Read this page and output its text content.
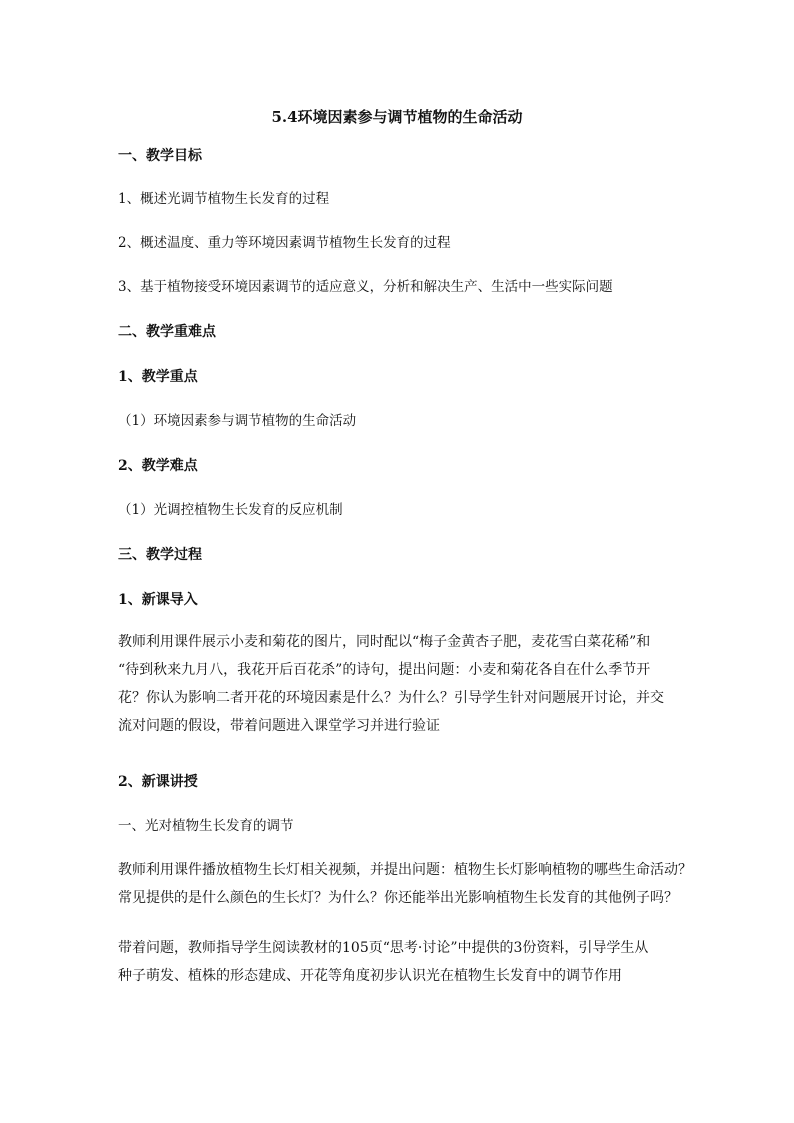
5.4环境因素参与调节植物的生命活动
一、教学目标
1、概述光调节植物生长发育的过程
2、概述温度、重力等环境因素调节植物生长发育的过程
3、基于植物接受环境因素调节的适应意义，分析和解决生产、生活中一些实际问题
二、教学重难点
1、教学重点
（1）环境因素参与调节植物的生命活动
2、教学难点
（1）光调控植物生长发育的反应机制
三、教学过程
1、新课导入
教师利用课件展示小麦和菊花的图片，同时配以“梅子金黄杏子肥，麦花雪白菜花稀”和
“待到秋来九月八，我花开后百花杀”的诗句，提出问题：小麦和菊花各自在什么季节开
花？你认为影响二者开花的环境因素是什么？为什么？引导学生针对问题展开讨论，并交
流对问题的假设，带着问题进入课堂学习并进行验证
2、新课讲授
一、光对植物生长发育的调节
教师利用课件播放植物生长灯相关视频，并提出问题：植物生长灯影响植物的哪些生命活动？
常见提供的是什么颜色的生长灯？为什么？你还能举出光影响植物生长发育的其他例子吗？
带着问题，教师指导学生阅读教材的105页“思考·讨论”中提供的3份资料，引导学生从
种子萌发、植株的形态建成、开花等角度初步认识光在植物生长发育中的调节作用
